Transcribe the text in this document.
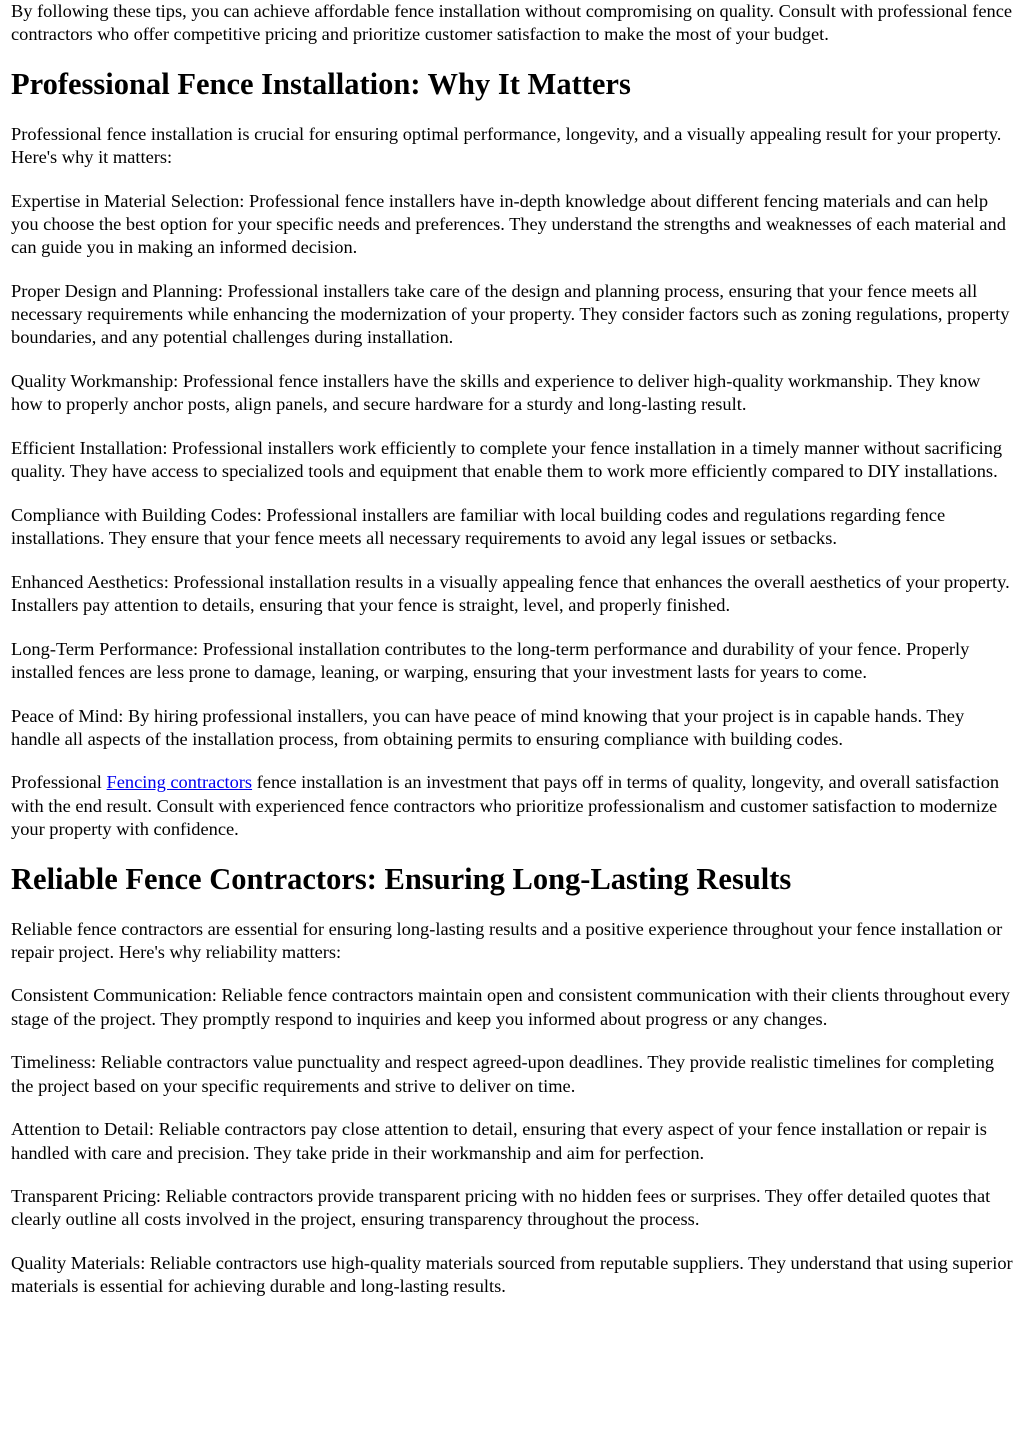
By following these tips, you can achieve affordable fence installation without compromising on quality. Consult with professional fence contractors who offer competitive pricing and prioritize customer satisfaction to make the most of your budget.

Professional Fence Installation: Why It Matters

Professional fence installation is crucial for ensuring optimal performance, longevity, and a visually appealing result for your property. Here's why it matters:

Expertise in Material Selection: Professional fence installers have in-depth knowledge about different fencing materials and can help you choose the best option for your specific needs and preferences. They understand the strengths and weaknesses of each material and can guide you in making an informed decision.

Proper Design and Planning: Professional installers take care of the design and planning process, ensuring that your fence meets all necessary requirements while enhancing the modernization of your property. They consider factors such as zoning regulations, property boundaries, and any potential challenges during installation.

Quality Workmanship: Professional fence installers have the skills and experience to deliver high-quality workmanship. They know how to properly anchor posts, align panels, and secure hardware for a sturdy and long-lasting result.

Efficient Installation: Professional installers work efficiently to complete your fence installation in a timely manner without sacrificing quality. They have access to specialized tools and equipment that enable them to work more efficiently compared to DIY installations.

Compliance with Building Codes: Professional installers are familiar with local building codes and regulations regarding fence installations. They ensure that your fence meets all necessary requirements to avoid any legal issues or setbacks.

Enhanced Aesthetics: Professional installation results in a visually appealing fence that enhances the overall aesthetics of your property. Installers pay attention to details, ensuring that your fence is straight, level, and properly finished.

Long-Term Performance: Professional installation contributes to the long-term performance and durability of your fence. Properly installed fences are less prone to damage, leaning, or warping, ensuring that your investment lasts for years to come.

Peace of Mind: By hiring professional installers, you can have peace of mind knowing that your project is in capable hands. They handle all aspects of the installation process, from obtaining permits to ensuring compliance with building codes.

Professional Fencing contractors fence installation is an investment that pays off in terms of quality, longevity, and overall satisfaction with the end result. Consult with experienced fence contractors who prioritize professionalism and customer satisfaction to modernize your property with confidence.

Reliable Fence Contractors: Ensuring Long-Lasting Results

Reliable fence contractors are essential for ensuring long-lasting results and a positive experience throughout your fence installation or repair project. Here's why reliability matters:

Consistent Communication: Reliable fence contractors maintain open and consistent communication with their clients throughout every stage of the project. They promptly respond to inquiries and keep you informed about progress or any changes.

Timeliness: Reliable contractors value punctuality and respect agreed-upon deadlines. They provide realistic timelines for completing the project based on your specific requirements and strive to deliver on time.

Attention to Detail: Reliable contractors pay close attention to detail, ensuring that every aspect of your fence installation or repair is handled with care and precision. They take pride in their workmanship and aim for perfection.

Transparent Pricing: Reliable contractors provide transparent pricing with no hidden fees or surprises. They offer detailed quotes that clearly outline all costs involved in the project, ensuring transparency throughout the process.

Quality Materials: Reliable contractors use high-quality materials sourced from reputable suppliers. They understand that using superior materials is essential for achieving durable and long-lasting results.
